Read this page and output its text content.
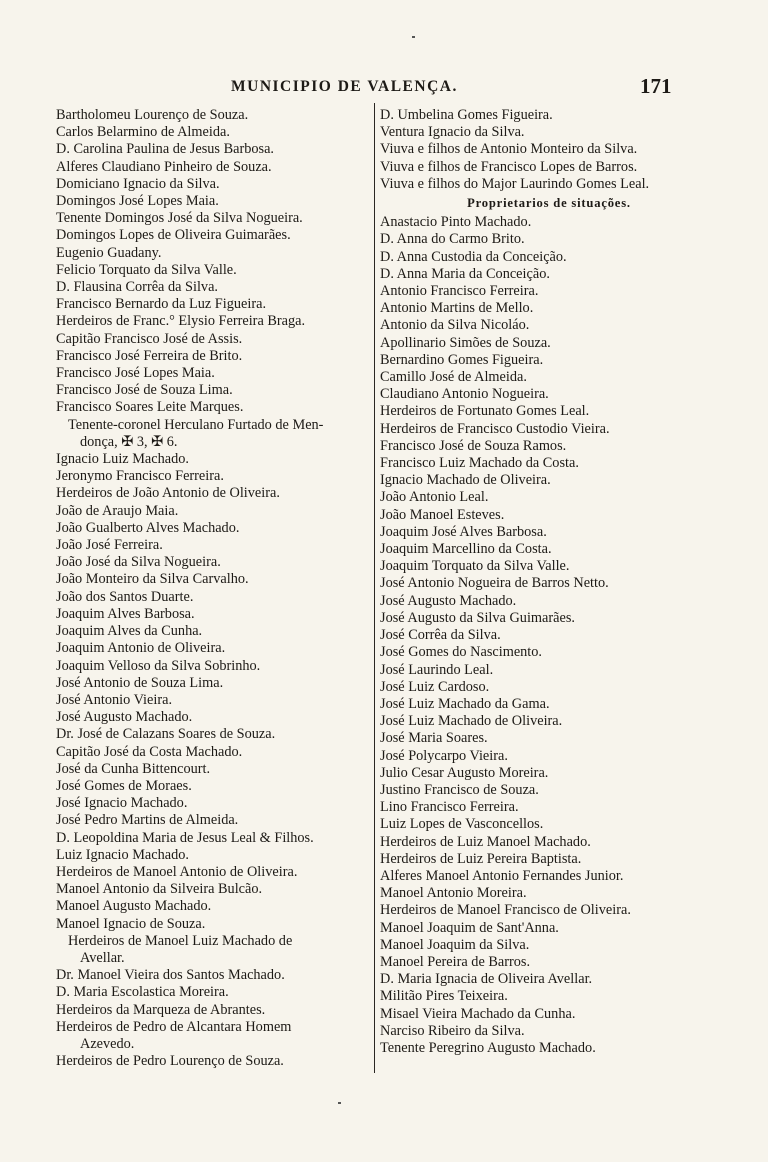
MUNICIPIO DE VALENÇA.	171
Bartholomeu Lourenço de Souza.
Carlos Belarmino de Almeida.
D. Carolina Paulina de Jesus Barbosa.
Alferes Claudiano Pinheiro de Souza.
Domiciano Ignacio da Silva.
Domingos José Lopes Maia.
Tenente Domingos José da Silva Nogueira.
Domingos Lopes de Oliveira Guimarães.
Eugenio Guadany.
Felicio Torquato da Silva Valle.
D. Flausina Corrêa da Silva.
Francisco Bernardo da Luz Figueira.
Herdeiros de Franc.° Elysio Ferreira Braga.
Capitão Francisco José de Assis.
Francisco José Ferreira de Brito.
Francisco José Lopes Maia.
Francisco José de Souza Lima.
Francisco Soares Leite Marques.
Tenente-coronel Herculano Furtado de Men-
donça, ✠ 3, ✠ 6.
Ignacio Luiz Machado.
Jeronymo Francisco Ferreira.
Herdeiros de João Antonio de Oliveira.
João de Araujo Maia.
João Gualberto Alves Machado.
João José Ferreira.
João José da Silva Nogueira.
João Monteiro da Silva Carvalho.
João dos Santos Duarte.
Joaquim Alves Barbosa.
Joaquim Alves da Cunha.
Joaquim Antonio de Oliveira.
Joaquim Velloso da Silva Sobrinho.
José Antonio de Souza Lima.
José Antonio Vieira.
José Augusto Machado.
Dr. José de Calazans Soares de Souza.
Capitão José da Costa Machado.
José da Cunha Bittencourt.
José Gomes de Moraes.
José Ignacio Machado.
José Pedro Martins de Almeida.
D. Leopoldina Maria de Jesus Leal & Filhos.
Luiz Ignacio Machado.
Herdeiros de Manoel Antonio de Oliveira.
Manoel Antonio da Silveira Bulcão.
Manoel Augusto Machado.
Manoel Ignacio de Souza.
Herdeiros de Manoel Luiz Machado de
Avellar.
Dr. Manoel Vieira dos Santos Machado.
D. Maria Escolastica Moreira.
Herdeiros da Marqueza de Abrantes.
Herdeiros de Pedro de Alcantara Homem
Azevedo.
Herdeiros de Pedro Lourenço de Souza.
D. Umbelina Gomes Figueira.
Ventura Ignacio da Silva.
Viuva e filhos de Antonio Monteiro da Silva.
Viuva e filhos de Francisco Lopes de Barros.
Viuva e filhos do Major Laurindo Gomes Leal.
Proprietarios de situações.
Anastacio Pinto Machado.
D. Anna do Carmo Brito.
D. Anna Custodia da Conceição.
D. Anna Maria da Conceição.
Antonio Francisco Ferreira.
Antonio Martins de Mello.
Antonio da Silva Nicoláo.
Apollinario Simões de Souza.
Bernardino Gomes Figueira.
Camillo José de Almeida.
Claudiano Antonio Nogueira.
Herdeiros de Fortunato Gomes Leal.
Herdeiros de Francisco Custodio Vieira.
Francisco José de Souza Ramos.
Francisco Luiz Machado da Costa.
Ignacio Machado de Oliveira.
João Antonio Leal.
João Manoel Esteves.
Joaquim José Alves Barbosa.
Joaquim Marcellino da Costa.
Joaquim Torquato da Silva Valle.
José Antonio Nogueira de Barros Netto.
José Augusto Machado.
José Augusto da Silva Guimarães.
José Corrêa da Silva.
José Gomes do Nascimento.
José Laurindo Leal.
José Luiz Cardoso.
José Luiz Machado da Gama.
José Luiz Machado de Oliveira.
José Maria Soares.
José Polycarpo Vieira.
Julio Cesar Augusto Moreira.
Justino Francisco de Souza.
Lino Francisco Ferreira.
Luiz Lopes de Vasconcellos.
Herdeiros de Luiz Manoel Machado.
Herdeiros de Luiz Pereira Baptista.
Alferes Manoel Antonio Fernandes Junior.
Manoel Antonio Moreira.
Herdeiros de Manoel Francisco de Oliveira.
Manoel Joaquim de Sant'Anna.
Manoel Joaquim da Silva.
Manoel Pereira de Barros.
D. Maria Ignacia de Oliveira Avellar.
Militão Pires Teixeira.
Misael Vieira Machado da Cunha.
Narciso Ribeiro da Silva.
Tenente Peregrino Augusto Machado.
